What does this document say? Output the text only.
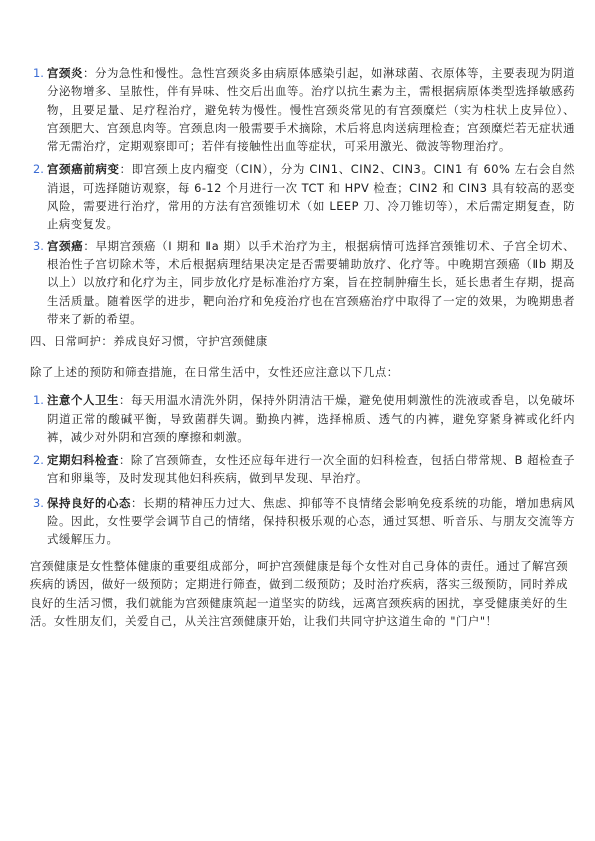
1. 宫颈炎：分为急性和慢性。急性宫颈炎多由病原体感染引起，如淋球菌、衣原体等，主要表现为阴道分泌物增多、呈脓性，伴有异味、性交后出血等。治疗以抗生素为主，需根据病原体类型选择敏感药物，且要足量、足疗程治疗，避免转为慢性。慢性宫颈炎常见的有宫颈糜烂（实为柱状上皮异位）、宫颈肥大、宫颈息肉等。宫颈息肉一般需要手术摘除，术后将息肉送病理检查；宫颈糜烂若无症状通常无需治疗，定期观察即可；若伴有接触性出血等症状，可采用激光、微波等物理治疗。
2. 宫颈癌前病变：即宫颈上皮内瘤变（CIN），分为 CIN1、CIN2、CIN3。CIN1 有 60% 左右会自然消退，可选择随访观察，每 6-12 个月进行一次 TCT 和 HPV 检查；CIN2 和 CIN3 具有较高的恶变风险，需要进行治疗，常用的方法有宫颈锥切术（如 LEEP 刀、冷刀锥切等），术后需定期复查，防止病变复发。
3. 宫颈癌：早期宫颈癌（Ⅰ 期和 Ⅱa 期）以手术治疗为主，根据病情可选择宫颈锥切术、子宫全切术、根治性子宫切除术等，术后根据病理结果决定是否需要辅助放疗、化疗等。中晚期宫颈癌（Ⅱb 期及以上）以放疗和化疗为主，同步放化疗是标准治疗方案，旨在控制肿瘤生长，延长患者生存期，提高生活质量。随着医学的进步，靶向治疗和免疫治疗也在宫颈癌治疗中取得了一定的效果，为晚期患者带来了新的希望。
四、日常呵护：养成良好习惯，守护宫颈健康

除了上述的预防和筛查措施，在日常生活中，女性还应注意以下几点：

1. 注意个人卫生：每天用温水清洗外阴，保持外阴清洁干燥，避免使用刺激性的洗液或香皂，以免破坏阴道正常的酸碱平衡，导致菌群失调。勤换内裤，选择棉质、透气的内裤，避免穿紧身裤或化纤内裤，减少对外阴和宫颈的摩擦和刺激。
2. 定期妇科检查：除了宫颈筛查，女性还应每年进行一次全面的妇科检查，包括白带常规、B 超检查子宫和卵巢等，及时发现其他妇科疾病，做到早发现、早治疗。
3. 保持良好的心态：长期的精神压力过大、焦虑、抑郁等不良情绪会影响免疫系统的功能，增加患病风险。因此，女性要学会调节自己的情绪，保持积极乐观的心态，通过冥想、听音乐、与朋友交流等方式缓解压力。

宫颈健康是女性整体健康的重要组成部分，呵护宫颈健康是每个女性对自己身体的责任。通过了解宫颈疾病的诱因，做好一级预防；定期进行筛查，做到二级预防；及时治疗疾病，落实三级预防，同时养成良好的生活习惯，我们就能为宫颈健康筑起一道坚实的防线，远离宫颈疾病的困扰，享受健康美好的生活。女性朋友们，关爱自己，从关注宫颈健康开始，让我们共同守护这道生命的 "门户"！
